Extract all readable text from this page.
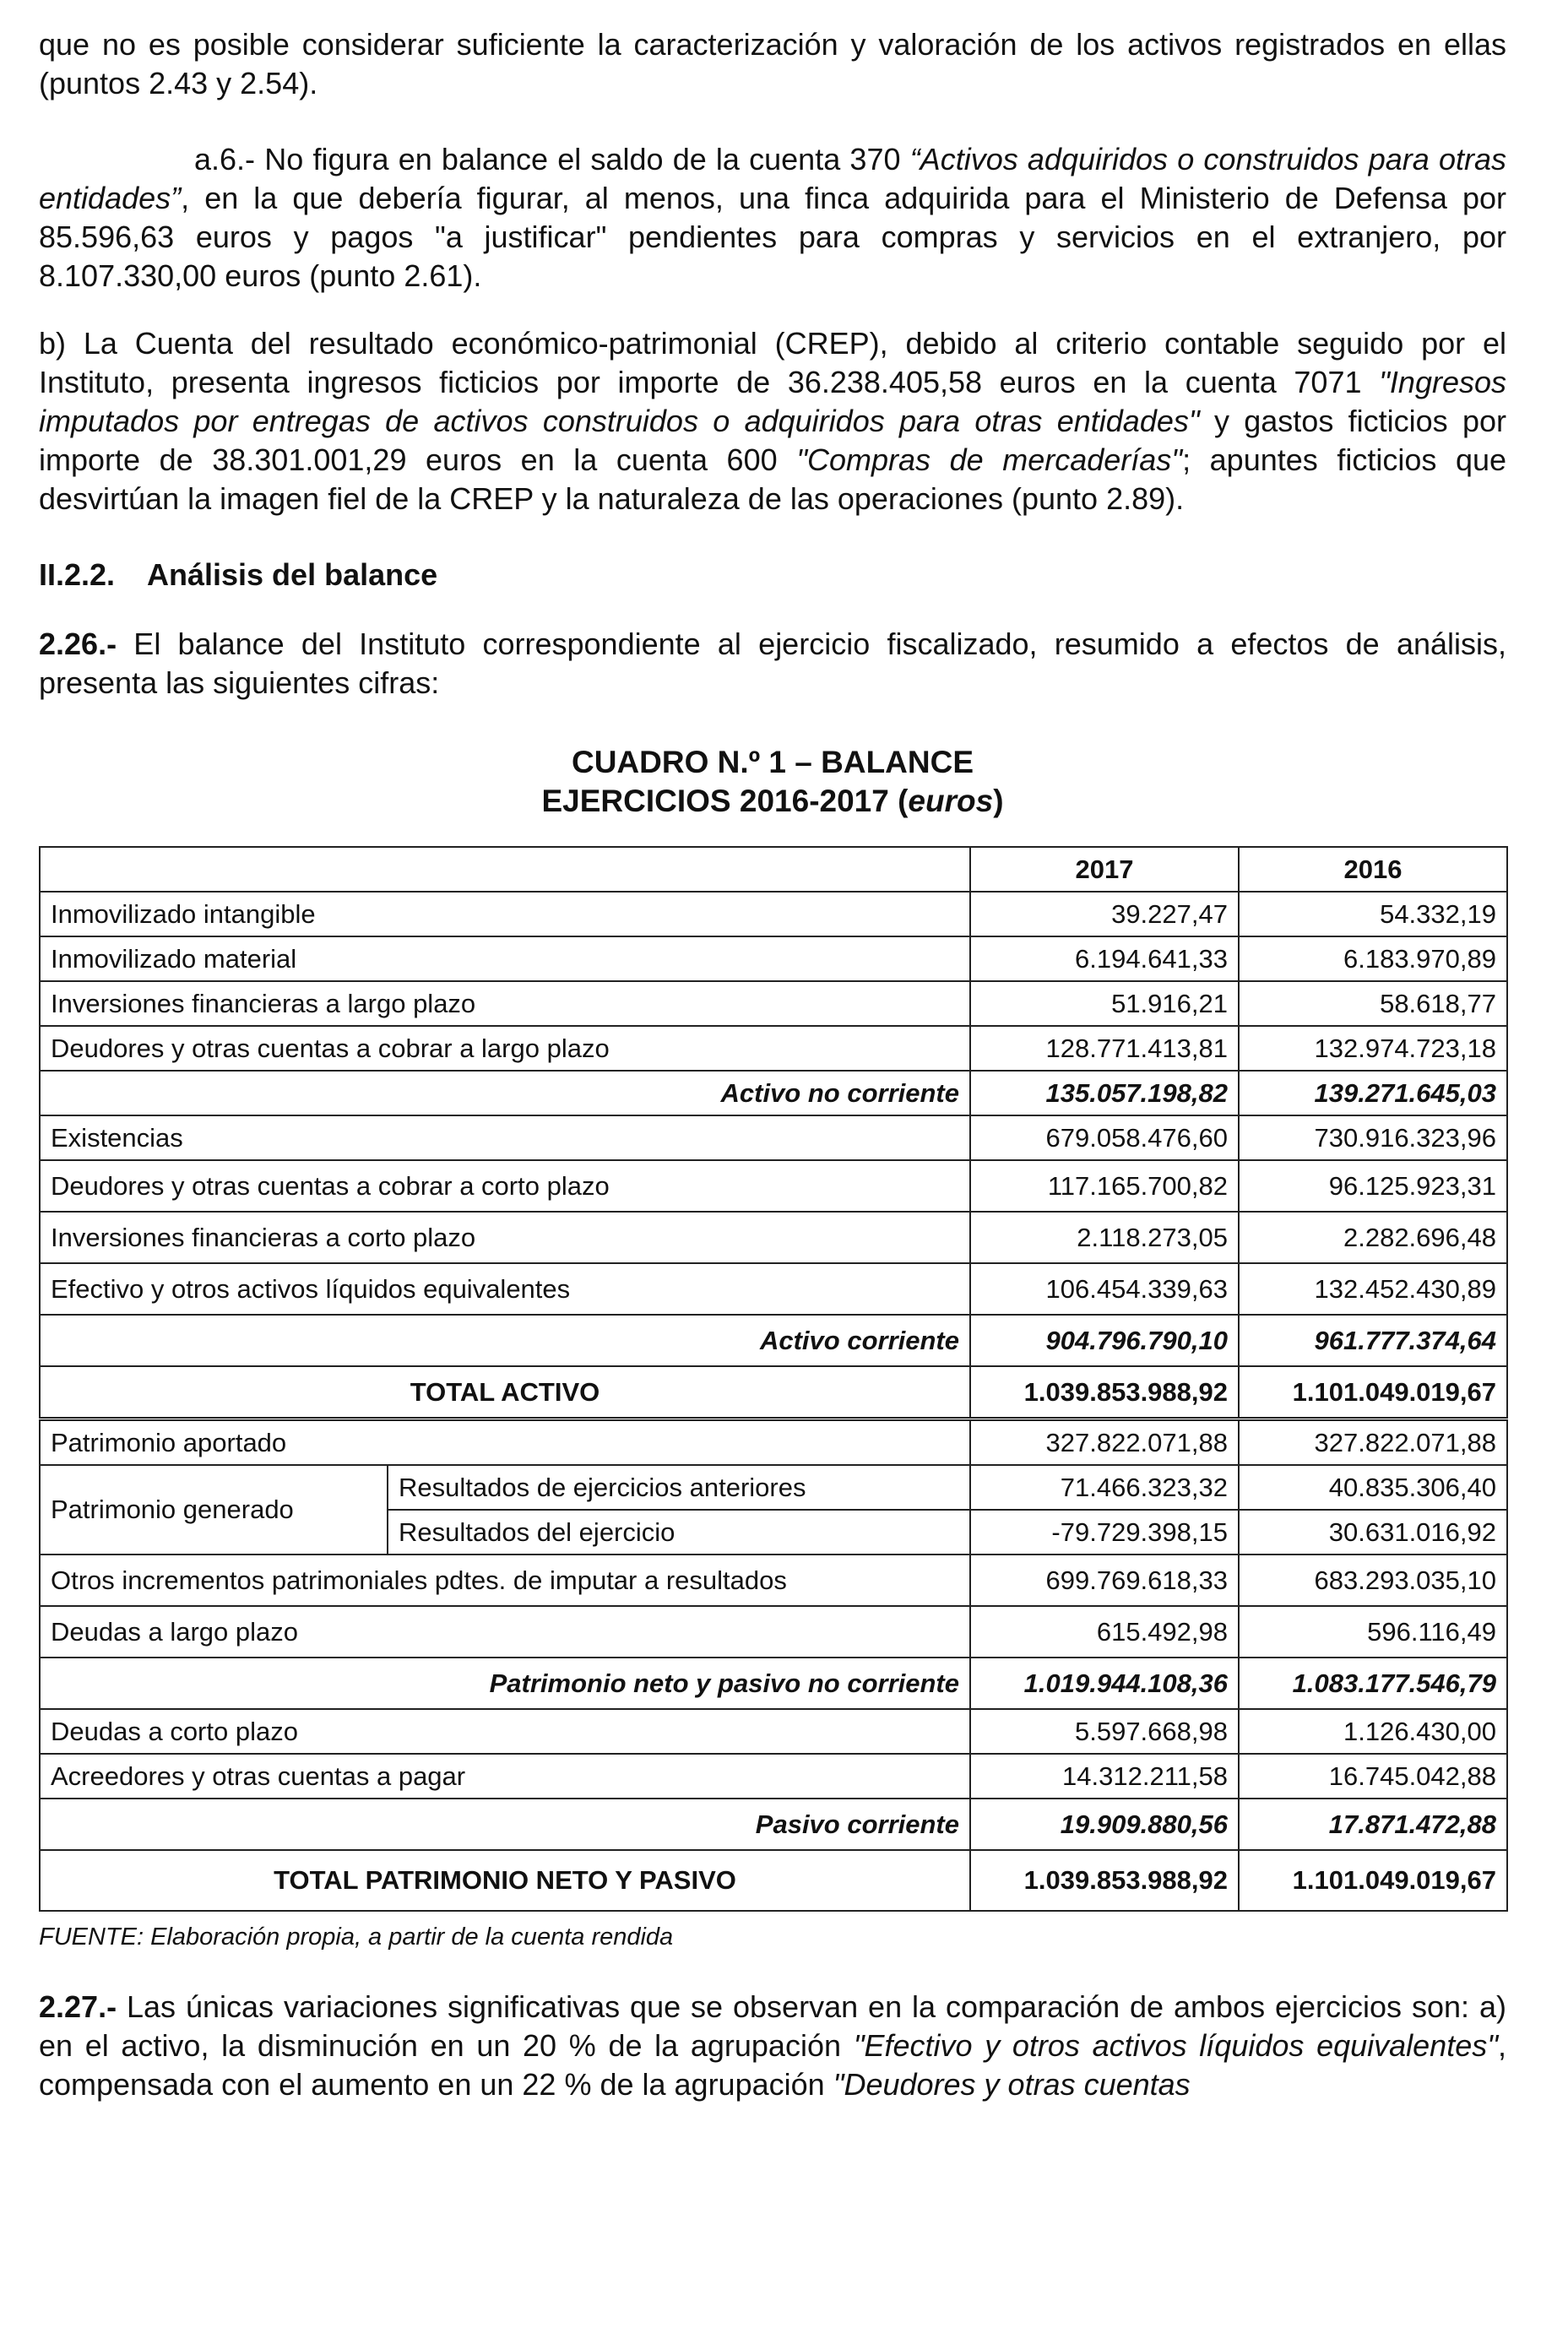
que no es posible considerar suficiente la caracterización y valoración de los activos registrados en ellas (puntos 2.43 y 2.54).

a.6.- No figura en balance el saldo de la cuenta 370 “Activos adquiridos o construidos para otras entidades”, en la que debería figurar, al menos, una finca adquirida para el Ministerio de Defensa por 85.596,63 euros y pagos "a justificar" pendientes para compras y servicios en el extranjero, por 8.107.330,00 euros (punto 2.61).

b) La Cuenta del resultado económico-patrimonial (CREP), debido al criterio contable seguido por el Instituto, presenta ingresos ficticios por importe de 36.238.405,58 euros en la cuenta 7071 "Ingresos imputados por entregas de activos construidos o adquiridos para otras entidades" y gastos ficticios por importe de 38.301.001,29 euros en la cuenta 600 "Compras de mercaderías"; apuntes ficticios que desvirtúan la imagen fiel de la CREP y la naturaleza de las operaciones (punto 2.89).

II.2.2. Análisis del balance

2.26.- El balance del Instituto correspondiente al ejercicio fiscalizado, resumido a efectos de análisis, presenta las siguientes cifras:

CUADRO N.º 1 – BALANCE
EJERCICIOS 2016-2017 (euros)
		2017	2016
Inmovilizado intangible		39.227,47	54.332,19
Inmovilizado material		6.194.641,33	6.183.970,89
Inversiones financieras a largo plazo		51.916,21	58.618,77
Deudores y otras cuentas a cobrar a largo plazo		128.771.413,81	132.974.723,18
Activo no corriente		135.057.198,82	139.271.645,03
Existencias		679.058.476,60	730.916.323,96
Deudores y otras cuentas a cobrar a corto plazo		117.165.700,82	96.125.923,31
Inversiones financieras a corto plazo		2.118.273,05	2.282.696,48
Efectivo y otros activos líquidos equivalentes		106.454.339,63	132.452.430,89
Activo corriente		904.796.790,10	961.777.374,64
TOTAL ACTIVO		1.039.853.988,92	1.101.049.019,67
Patrimonio aportado		327.822.071,88	327.822.071,88
Patrimonio generado	Resultados de ejercicios anteriores	71.466.323,32	40.835.306,40
	Resultados del ejercicio	-79.729.398,15	30.631.016,92
Otros incrementos patrimoniales pdtes. de imputar a resultados		699.769.618,33	683.293.035,10
Deudas a largo plazo		615.492,98	596.116,49
Patrimonio neto y pasivo no corriente		1.019.944.108,36	1.083.177.546,79
Deudas a corto plazo		5.597.668,98	1.126.430,00
Acreedores y otras cuentas a pagar		14.312.211,58	16.745.042,88
Pasivo corriente		19.909.880,56	17.871.472,88
TOTAL PATRIMONIO NETO Y PASIVO		1.039.853.988,92	1.101.049.019,67
FUENTE: Elaboración propia, a partir de la cuenta rendida

2.27.- Las únicas variaciones significativas que se observan en la comparación de ambos ejercicios son: a) en el activo, la disminución en un 20 % de la agrupación "Efectivo y otros activos líquidos equivalentes", compensada con el aumento en un 22 % de la agrupación "Deudores y otras cuentas
